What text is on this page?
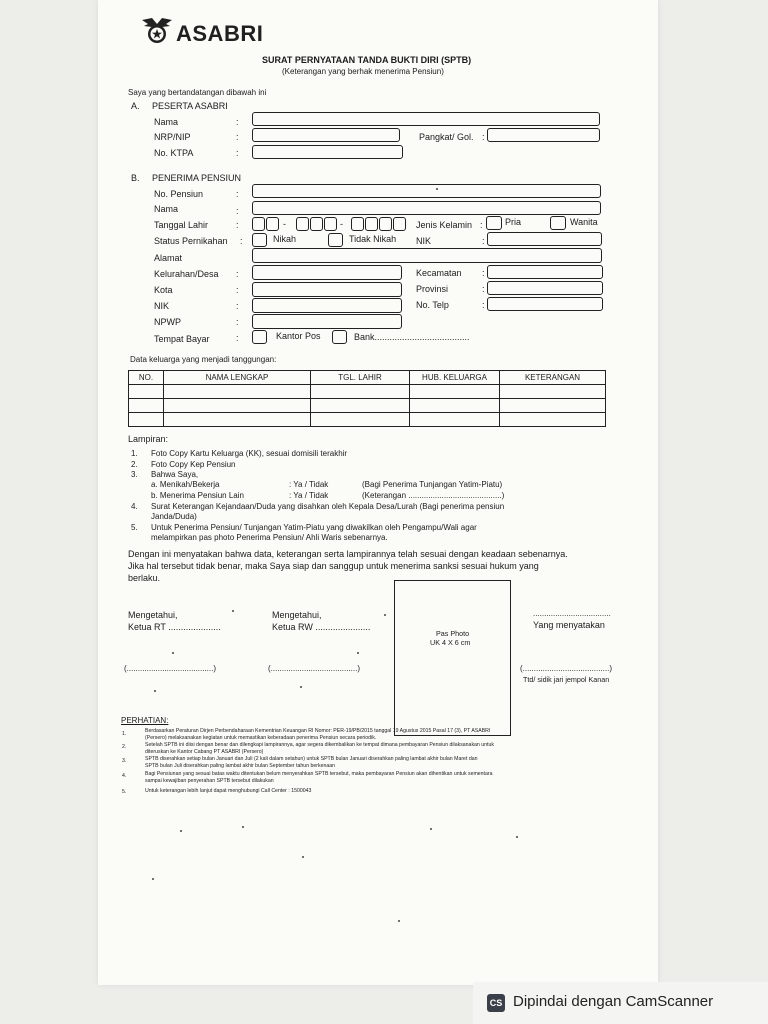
ASABRI
SURAT PERNYATAAN TANDA BUKTI DIRI (SPTB)
(Keterangan yang berhak menerima Pensiun)
Saya yang bertandatangan dibawah ini
A. PESERTA ASABRI
Nama	:
NRP/NIP	:	Pangkat/ Gol. :
No. KTPA	:
B. PENERIMA PENSIUN
No. Pensiun	:
Nama	:
Tanggal Lahir	:	-	-	Jenis Kelamin : Pria	Wanita
Status Pernikahan :	Nikah	Tidak Nikah NIK	:
Alamat
Kelurahan/Desa :	Kecamatan :
Kota	:	Provinsi	:
NIK	:	No. Telp	:
NPWP	:
Tempat Bayar	:	Kantor Pos	Bank......................................
Data keluarga yang menjadi tanggungan:
NO.	NAMA LENGKAP	TGL. LAHIR	HUB. KELUARGA	KETERANGAN

Lampiran:
1. Foto Copy Kartu Keluarga (KK), sesuai domisili terakhir
2. Foto Copy Kep Pensiun
3. Bahwa Saya,
a. Menikah/Bekerja	: Ya / Tidak	(Bagi Penerima Tunjangan Yatim-Piatu)
b. Menerima Pensiun Lain	: Ya / Tidak	(Keterangan ..........................................)
4. Surat Keterangan Kejandaan/Duda yang disahkan oleh Kepala Desa/Lurah (Bagi penerima pensiun
Janda/Duda)
5. Untuk Penerima Pensiun/ Tunjangan Yatim-Piatu yang diwakilkan oleh Pengampu/Wali agar
melampirkan pas photo Penerima Pensiun/ Ahli Waris sebenarnya.
Dengan ini menyatakan bahwa data, keterangan serta lampirannya telah sesuai dengan keadaan sebenarnya.
Jika hal tersebut tidak benar, maka Saya siap dan sanggup untuk menerima sanksi sesuai hukum yang
berlaku.
Mengetahui,
Ketua RT .....................
Mengetahui,
Ketua RW ......................
...................................
Yang menyatakan
Pas Photo
UK 4 X 6 cm
(.......................................)	(.......................................)	(.......................................)
Ttd/ sidik jari jempol Kanan
PERHATIAN:
1.	Berdasarkan Peraturan Dirjen Perbendaharaan Kementrian Keuangan RI Nomor: PER-19/PB/2015 tanggal 19 Agustus 2015 Pasal 17 (3), PT ASABRI
(Persero) melaksanakan kegiatan untuk memastikan keberadaan penerima Pensiun secara periodik.
2.	Setelah SPTB ini diisi dengan benar dan dilengkapi lampirannya, agar segera dikembalikan ke tempat dimana pembayaran Pensiun dilaksanakan untuk
diteruskan ke Kantor Cabang PT ASABRI (Persero)
3.	SPTB diserahkan setiap bulan Januari dan Juli (2 kali dalam setahun) untuk SPTB bulan Januari diserahkan paling lambat akhir bulan Maret dan
SPTB bulan Juli diserahkan paling lambat akhir bulan September tahun berkenaan
4.	Bagi Pensiunan yang sesuai batas waktu ditentukan belum menyerahkan SPTB tersebut, maka pembayaran Pensiun akan dihentikan untuk sementara
sampai kewajiban penyerahan SPTB tersebut dilakukan
5.	Untuk keterangan lebih lanjut dapat menghubungi Call Center : 1500043
CS Dipindai dengan CamScanner
